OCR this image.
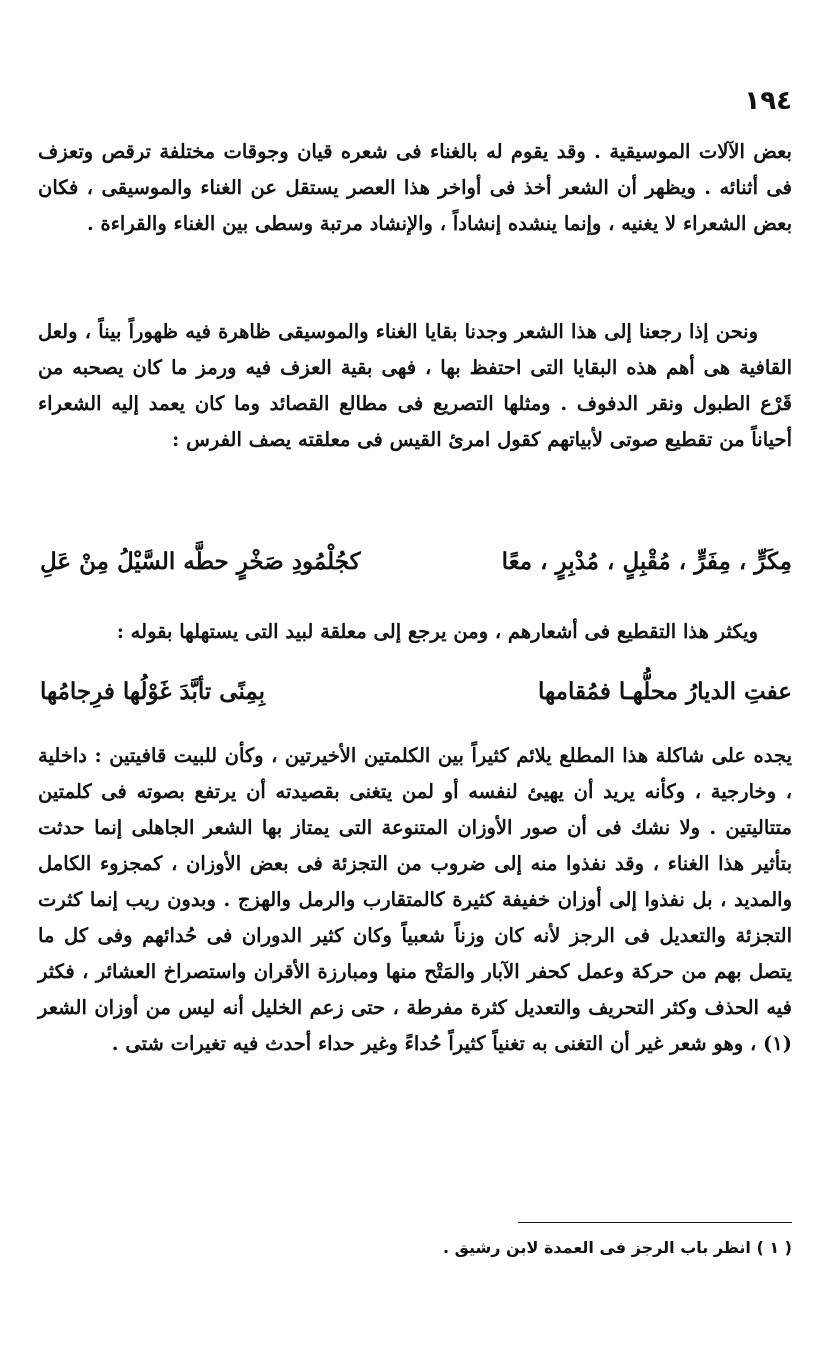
١٩٤

بعض الآلات الموسيقية . وقد يقوم له بالغناء فى شعره قيان وجوقات مختلفة ترقص وتعزف فى أثنائه . ويظهر أن الشعر أخذ فى أواخر هذا العصر يستقل عن الغناء والموسيقى ، فكان بعض الشعراء لا يغنيه ، وإنما ينشده إنشاداً ، والإنشاد مرتبة وسطى بين الغناء والقراءة .

ونحن إذا رجعنا إلى هذا الشعر وجدنا بقايا الغناء والموسيقى ظاهرة فيه ظهوراً بيناً ، ولعل القافية هى أهم هذه البقايا التى احتفظ بها ، فهى بقية العزف فيه ورمز ما كان يصحبه من قَرْع الطبول ونقر الدفوف . ومثلها التصريع فى مطالع القصائد وما كان يعمد إليه الشعراء أحياناً من تقطيع صوتى لأبياتهم كقول امرئ القيس فى معلقته يصف الفرس :

مِكَرٍّ ، مِفَرٍّ ، مُقْبِلٍ ، مُدْبِرٍ ، معًا
كجُلْمُودِ صَخْرٍ حطَّه السَّيْلُ مِنْ عَلِ

ويكثر هذا التقطيع فى أشعارهم ، ومن يرجع إلى معلقة لبيد التى يستهلها بقوله :

عفتِ الديارُ محلُّهـا فمُقامها
بِمِنًى تأبَّدَ غَوْلُها فرِجامُها

يجده على شاكلة هذا المطلع يلائم كثيراً بين الكلمتين الأخيرتين ، وكأن للبيت قافيتين : داخلية ، وخارجية ، وكأنه يريد أن يهيئ لنفسه أو لمن يتغنى بقصيدته أن يرتفع بصوته فى كلمتين متتاليتين . ولا نشك فى أن صور الأوزان المتنوعة التى يمتاز بها الشعر الجاهلى إنما حدثت بتأثير هذا الغناء ، وقد نفذوا منه إلى ضروب من التجزئة فى بعض الأوزان ، كمجزوء الكامل والمديد ، بل نفذوا إلى أوزان خفيفة كثيرة كالمتقارب والرمل والهزج . وبدون ريب إنما كثرت التجزئة والتعديل فى الرجز لأنه كان وزناً شعبياً وكان كثير الدوران فى حُدائهم وفى كل ما يتصل بهم من حركة وعمل كحفر الآبار والمَتْح منها ومبارزة الأقران واستصراخ العشائر ، فكثر فيه الحذف وكثر التحريف والتعديل كثرة مفرطة ، حتى زعم الخليل أنه ليس من أوزان الشعر (١) ، وهو شعر غير أن التغنى به تغنياً كثيراً حُداءً وغير حداء أحدث فيه تغيرات شتى .

( ١ ) انظر باب الرجز فى العمدة لابن رشيق .
